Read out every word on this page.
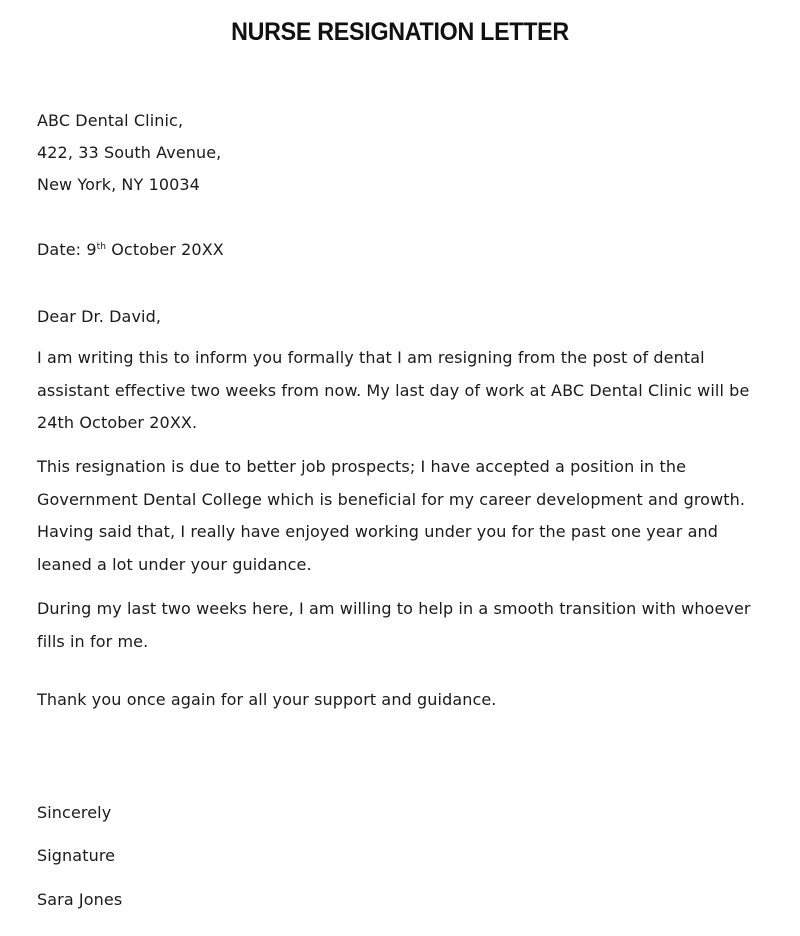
NURSE RESIGNATION LETTER
ABC Dental Clinic,
422, 33 South Avenue,
New York, NY 10034
Date: 9th October 20XX
Dear Dr. David,
I am writing this to inform you formally that I am resigning from the post of dental
assistant effective two weeks from now. My last day of work at ABC Dental Clinic will be
24th October 20XX.
This resignation is due to better job prospects; I have accepted a position in the
Government Dental College which is beneficial for my career development and growth.
Having said that, I really have enjoyed working under you for the past one year and
leaned a lot under your guidance.
During my last two weeks here, I am willing to help in a smooth transition with whoever
fills in for me.
Thank you once again for all your support and guidance.
Sincerely
Signature
Sara Jones
